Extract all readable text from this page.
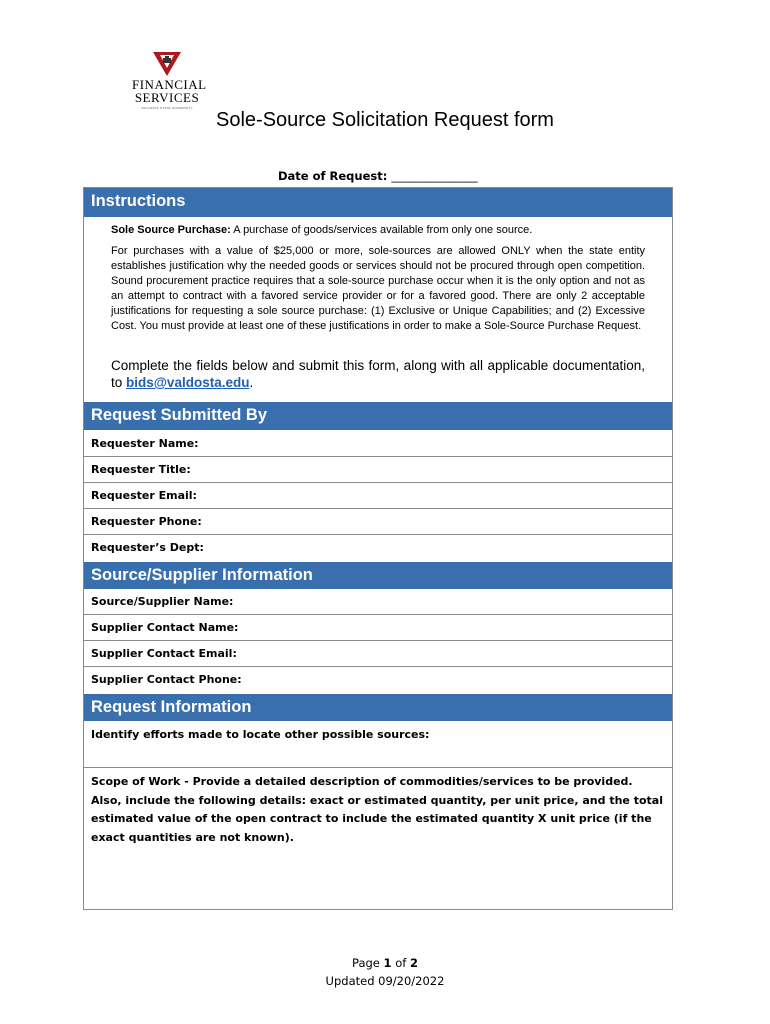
FINANCIAL
SERVICES
VALDOSTA STATE UNIVERSITY
Sole-Source Solicitation Request form
Date of Request: _______________
Instructions
Sole Source Purchase: A purchase of goods/services available from only one source.
For purchases with a value of $25,000 or more, sole-sources are allowed ONLY when the state entity establishes justification why the needed goods or services should not be procured through open competition. Sound procurement practice requires that a sole-source purchase occur when it is the only option and not as an attempt to contract with a favored service provider or for a favored good. There are only 2 acceptable justifications for requesting a sole source purchase: (1) Exclusive or Unique Capabilities; and (2) Excessive Cost. You must provide at least one of these justifications in order to make a Sole-Source Purchase Request.
Complete the fields below and submit this form, along with all applicable documentation, to bids@valdosta.edu.
Request Submitted By
Requester Name:
Requester Title:
Requester Email:
Requester Phone:
Requester’s Dept:
Source/Supplier Information
Source/Supplier Name:
Supplier Contact Name:
Supplier Contact Email:
Supplier Contact Phone:
Request Information
Identify efforts made to locate other possible sources:
Scope of Work - Provide a detailed description of commodities/services to be provided. Also, include the following details: exact or estimated quantity, per unit price, and the total estimated value of the open contract to include the estimated quantity X unit price (if the exact quantities are not known).
Page 1 of 2
Updated 09/20/2022
